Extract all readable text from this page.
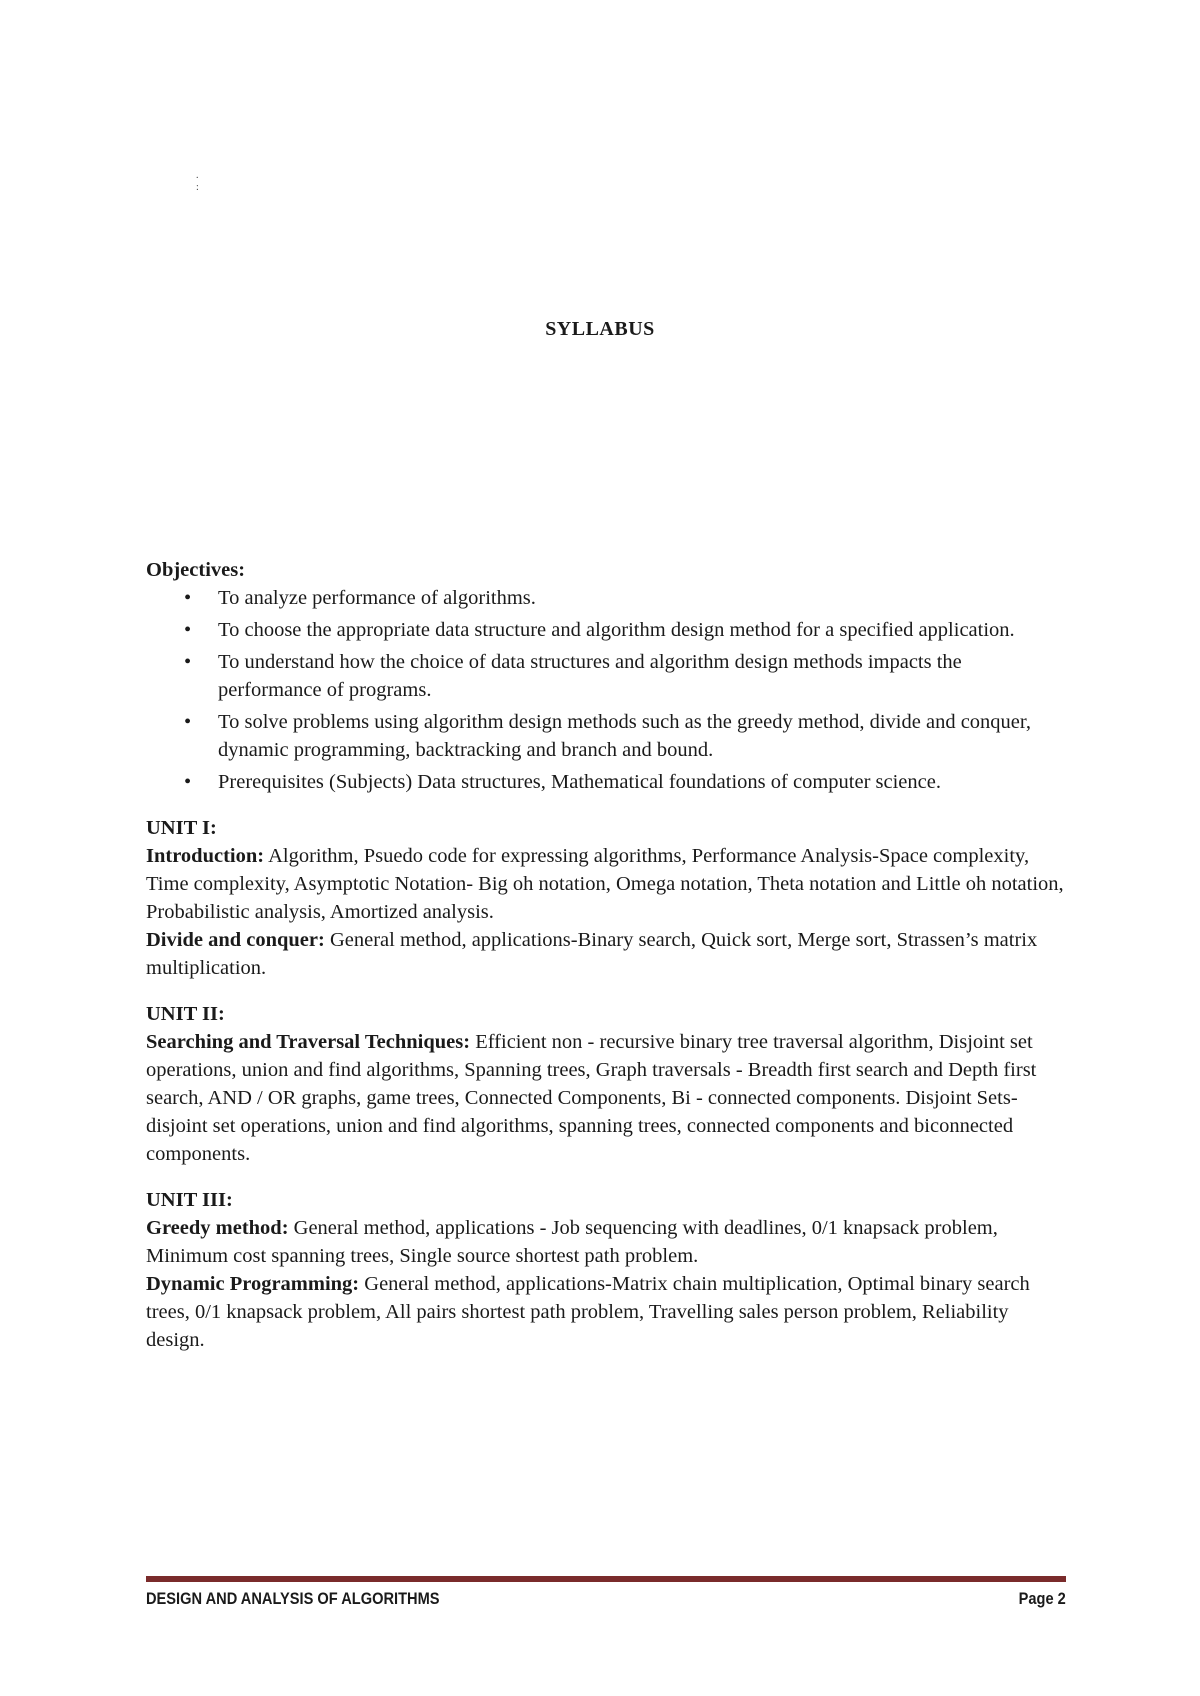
.
:
SYLLABUS
Objectives:
• To analyze performance of algorithms.
• To choose the appropriate data structure and algorithm design method for a specified application.
• To understand how the choice of data structures and algorithm design methods impacts the performance of programs.
• To solve problems using algorithm design methods such as the greedy method, divide and conquer, dynamic programming, backtracking and branch and bound.
• Prerequisites (Subjects) Data structures, Mathematical foundations of computer science.
UNIT I:

Introduction: Algorithm, Psuedo code for expressing algorithms, Performance Analysis-Space complexity, Time complexity, Asymptotic Notation- Big oh notation, Omega notation, Theta notation and Little oh notation, Probabilistic analysis, Amortized analysis.

Divide and conquer: General method, applications-Binary search, Quick sort, Merge sort, Strassen’s matrix multiplication.

UNIT II:

Searching and Traversal Techniques: Efficient non - recursive binary tree traversal algorithm, Disjoint set operations, union and find algorithms, Spanning trees, Graph traversals - Breadth first search and Depth first search, AND / OR graphs, game trees, Connected Components, Bi - connected components. Disjoint Sets- disjoint set operations, union and find algorithms, spanning trees, connected components and biconnected components.

UNIT III:

Greedy method: General method, applications - Job sequencing with deadlines, 0/1 knapsack problem, Minimum cost spanning trees, Single source shortest path problem.

Dynamic Programming: General method, applications-Matrix chain multiplication, Optimal binary search trees, 0/1 knapsack problem, All pairs shortest path problem, Travelling sales person problem, Reliability design.

DESIGN AND ANALYSIS OF ALGORITHMS	Page 2
